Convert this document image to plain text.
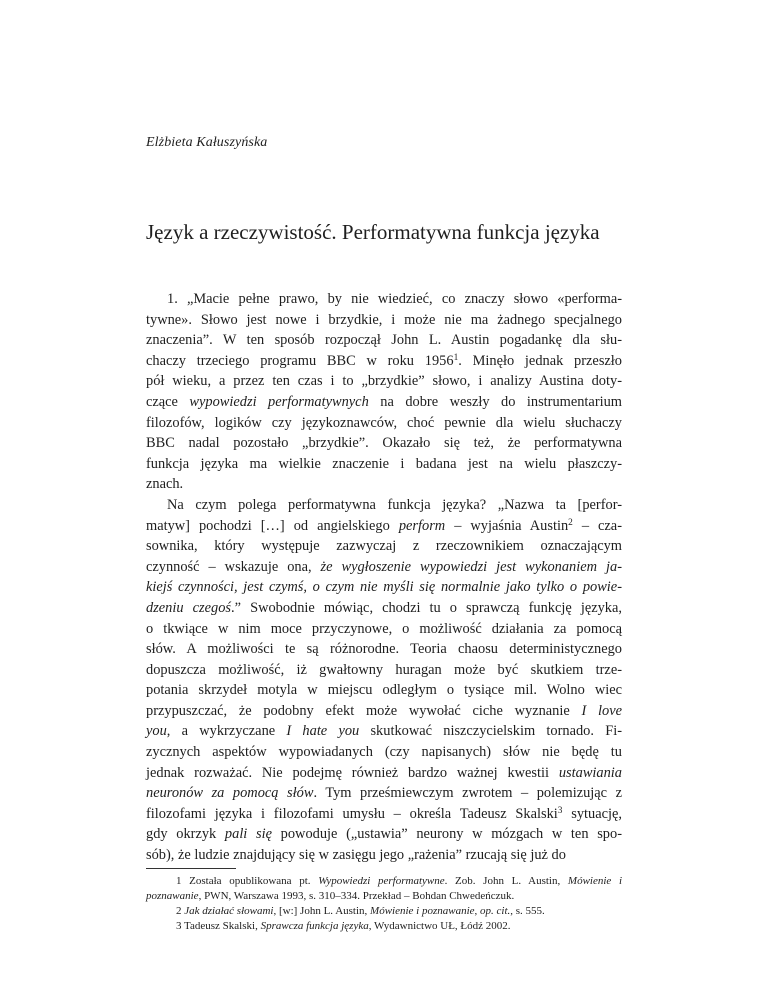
Elżbieta Kałuszyńska
Język a rzeczywistość. Performatywna funkcja języka

1. „Macie pełne prawo, by nie wiedzieć, co znaczy słowo «performa-
tywne». Słowo jest nowe i brzydkie, i może nie ma żadnego specjalnego
znaczenia”. W ten sposób rozpoczął John L. Austin pogadankę dla słu-
chaczy trzeciego programu BBC w roku 1956$^1$. Minęło jednak przeszło
pół wieku, a przez ten czas i to „brzydkie” słowo, i analizy Austina doty-
czące wypowiedzi performatywnych na dobre weszły do instrumentarium
filozofów, logików czy językoznawców, choć pewnie dla wielu słuchaczy
BBC nadal pozostało „brzydkie”. Okazało się też, że performatywna
funkcja języka ma wielkie znaczenie i badana jest na wielu płaszczy-
znach.

Na czym polega performatywna funkcja języka? „Nazwa ta [perfor-
matyw] pochodzi […] od angielskiego perform – wyjaśnia Austin$^2$ – cza-
sownika, który występuje zazwyczaj z rzeczownikiem oznaczającym
czynność – wskazuje ona, że wygłoszenie wypowiedzi jest wykonaniem ja-
kiejś czynności, jest czymś, o czym nie myśli się normalnie jako tylko o powie-
dzeniu czegoś.” Swobodnie mówiąc, chodzi tu o sprawczą funkcję języka,
o tkwiące w nim moce przyczynowe, o możliwość działania za pomocą
słów. A możliwości te są różnorodne. Teoria chaosu deterministycznego
dopuszcza możliwość, iż gwałtowny huragan może być skutkiem trze-
potania skrzydeł motyla w miejscu odległym o tysiące mil. Wolno wiec
przypuszczać, że podobny efekt może wywołać ciche wyznanie I love
you, a wykrzyczane I hate you skutkować niszczycielskim tornado. Fi-
zycznych aspektów wypowiadanych (czy napisanych) słów nie będę tu
jednak rozważać. Nie podejmę również bardzo ważnej kwestii ustawiania
neuronów za pomocą słów. Tym prześmiewczym zwrotem – polemizując z
filozofami języka i filozofami umysłu – określa Tadeusz Skalski$^3$ sytuację,
gdy okrzyk pali się powoduje („ustawia” neurony w mózgach w ten spo-
sób), że ludzie znajdujący się w zasięgu jego „rażenia” rzucają się już do

1 Została opublikowana pt. Wypowiedzi performatywne. Zob. John L. Austin, Mówienie i
poznawanie, PWN, Warszawa 1993, s. 310–334. Przekład – Bohdan Chwedeńczuk.
2 Jak działać słowami, [w:] John L. Austin, Mówienie i poznawanie, op. cit., s. 555.
3 Tadeusz Skalski, Sprawcza funkcja języka, Wydawnictwo UŁ, Łódź 2002.
